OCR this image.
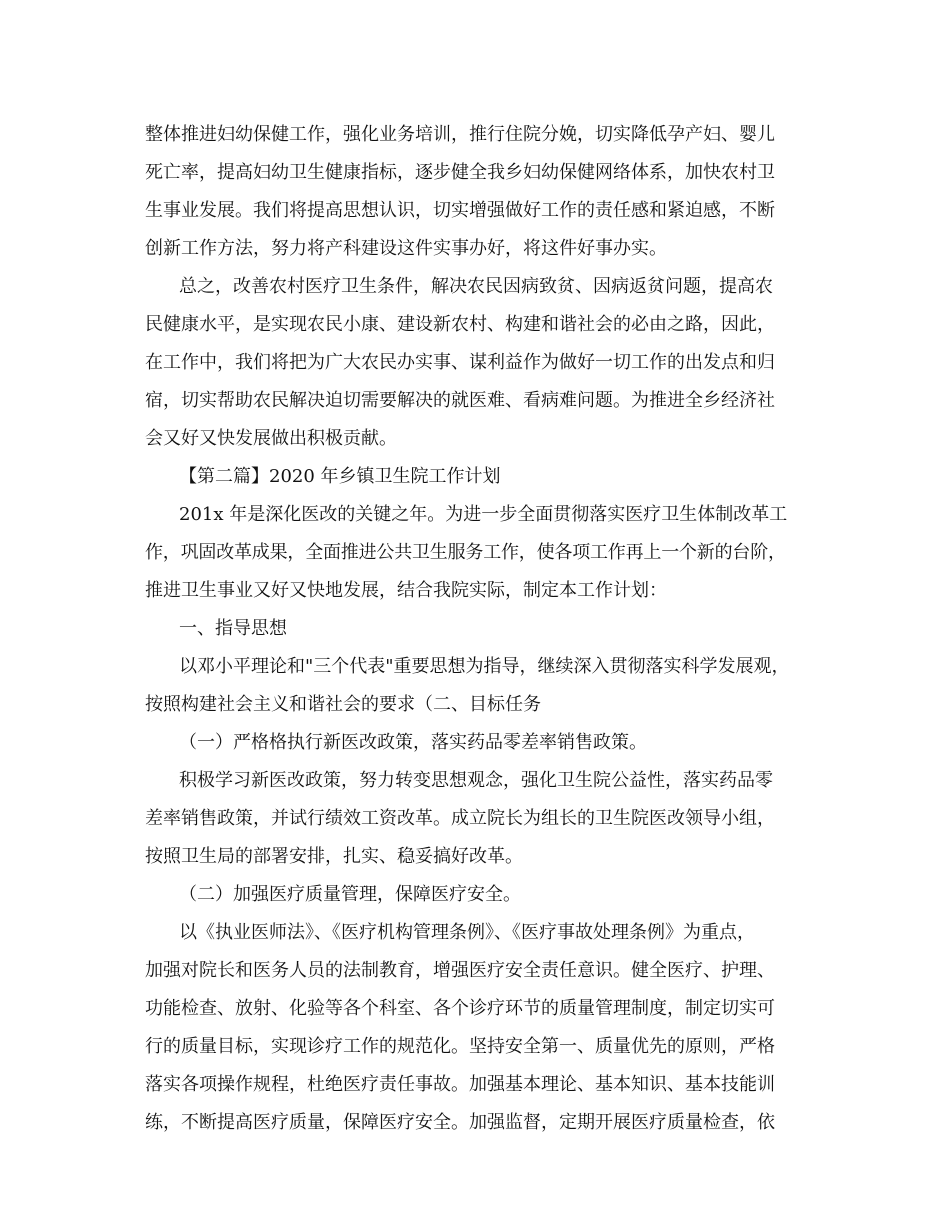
整体推进妇幼保健工作，强化业务培训，推行住院分娩，切实降低孕产妇、婴儿
死亡率，提高妇幼卫生健康指标，逐步健全我乡妇幼保健网络体系，加快农村卫
生事业发展。我们将提高思想认识，切实增强做好工作的责任感和紧迫感，不断
创新工作方法，努力将产科建设这件实事办好，将这件好事办实。
总之，改善农村医疗卫生条件，解决农民因病致贫、因病返贫问题，提高农
民健康水平，是实现农民小康、建设新农村、构建和谐社会的必由之路，因此，
在工作中，我们将把为广大农民办实事、谋利益作为做好一切工作的出发点和归
宿，切实帮助农民解决迫切需要解决的就医难、看病难问题。为推进全乡经济社
会又好又快发展做出积极贡献。
【第二篇】2020 年乡镇卫生院工作计划
201x 年是深化医改的关键之年。为进一步全面贯彻落实医疗卫生体制改革工
作，巩固改革成果，全面推进公共卫生服务工作，使各项工作再上一个新的台阶，
推进卫生事业又好又快地发展，结合我院实际，制定本工作计划：
一、指导思想
以邓小平理论和"三个代表"重要思想为指导，继续深入贯彻落实科学发展观，
按照构建社会主义和谐社会的要求（二、目标任务
（一）严格格执行新医改政策，落实药品零差率销售政策。
积极学习新医改政策，努力转变思想观念，强化卫生院公益性，落实药品零
差率销售政策，并试行绩效工资改革。成立院长为组长的卫生院医改领导小组，
按照卫生局的部署安排，扎实、稳妥搞好改革。
（二）加强医疗质量管理，保障医疗安全。
以《执业医师法》、《医疗机构管理条例》、《医疗事故处理条例》为重点，
加强对院长和医务人员的法制教育，增强医疗安全责任意识。健全医疗、护理、
功能检查、放射、化验等各个科室、各个诊疗环节的质量管理制度，制定切实可
行的质量目标，实现诊疗工作的规范化。坚持安全第一、质量优先的原则，严格
落实各项操作规程，杜绝医疗责任事故。加强基本理论、基本知识、基本技能训
练，不断提高医疗质量，保障医疗安全。加强监督，定期开展医疗质量检查，依
